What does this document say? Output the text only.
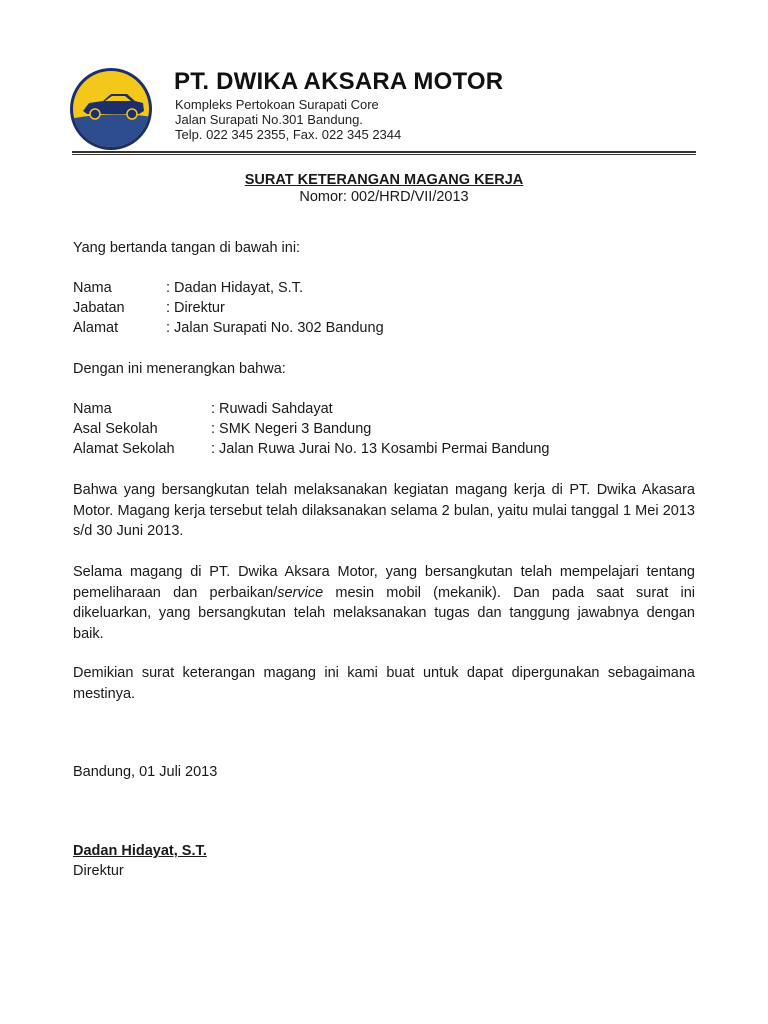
PT. DWIKA AKSARA MOTOR
Kompleks Pertokoan Surapati Core
Jalan Surapati No.301 Bandung.
Telp. 022 345 2355, Fax. 022 345 2344
SURAT KETERANGAN MAGANG KERJA
Nomor: 002/HRD/VII/2013
Yang bertanda tangan di bawah ini:
Nama	: Dadan Hidayat, S.T.
Jabatan	: Direktur
Alamat	: Jalan Surapati No. 302 Bandung
Dengan ini menerangkan bahwa:
Nama	: Ruwadi Sahdayat
Asal Sekolah	: SMK Negeri 3 Bandung
Alamat Sekolah	: Jalan Ruwa Jurai No. 13 Kosambi Permai Bandung
Bahwa yang bersangkutan telah melaksanakan kegiatan magang kerja di PT. Dwika Akasara Motor. Magang kerja tersebut telah dilaksanakan selama 2 bulan, yaitu mulai tanggal 1 Mei 2013 s/d 30 Juni 2013.
Selama magang di PT. Dwika Aksara Motor, yang bersangkutan telah mempelajari tentang pemeliharaan dan perbaikan/service mesin mobil (mekanik). Dan pada saat surat ini dikeluarkan, yang bersangkutan telah melaksanakan tugas dan tanggung jawabnya dengan baik.
Demikian surat keterangan magang ini kami buat untuk dapat dipergunakan sebagaimana mestinya.
Bandung, 01 Juli 2013
Dadan Hidayat, S.T.
Direktur
